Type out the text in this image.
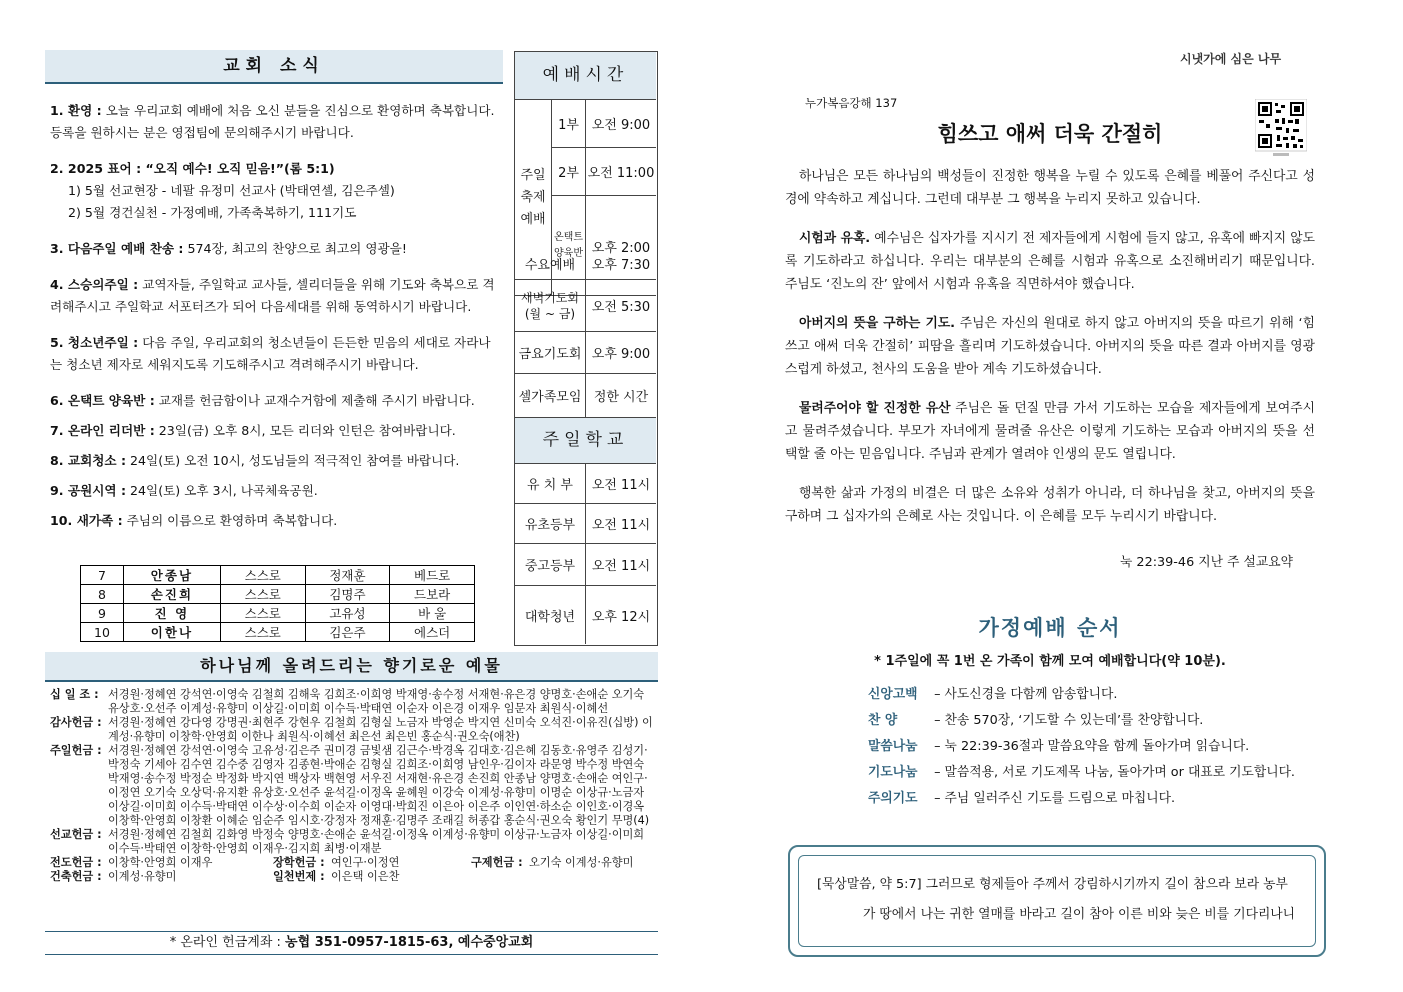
교회 소식
1. 환영 : 오늘 우리교회 예배에 처음 오신 분들을 진심으로 환영하며 축복합니다. 등록을 원하시는 분은 영접팀에 문의해주시기 바랍니다.
2. 2025 표어 : “오직 예수! 오직 믿음!”(롬 5:1)
1) 5월 선교현장 - 네팔 유정미 선교사 (박태연셀, 김은주셀)
2) 5월 경건실천 - 가정예배, 가족축복하기, 111기도
3. 다음주일 예배 찬송 : 574장, 최고의 찬양으로 최고의 영광을!
4. 스승의주일 : 교역자들, 주일학교 교사들, 셀리더들을 위해 기도와 축복으로 격려해주시고 주일학교 서포터즈가 되어 다음세대를 위해 동역하시기 바랍니다.
5. 청소년주일 : 다음 주일, 우리교회의 청소년들이 든든한 믿음의 세대로 자라나는 청소년 제자로 세워지도록 기도해주시고 격려해주시기 바랍니다.
6. 온택트 양육반 : 교재를 헌금함이나 교재수거함에 제출해 주시기 바랍니다.
7. 온라인 리더반 : 23일(금) 오후 8시, 모든 리더와 인턴은 참여바랍니다.
8. 교회청소 : 24일(토) 오전 10시, 성도님들의 적극적인 참여를 바랍니다.
9. 공원시역 : 24일(토) 오후 3시, 나곡체육공원.
10. 새가족 : 주님의 이름으로 환영하며 축복합니다.
7	안종남	스스로	정재훈	베드로
8	손진희	스스로	김명주	드보라
9	진 영	스스로	고유성	바 울
10	이한나	스스로	김은주	에스더
예배시간
주일 축제 예배
1부 오전 9:00
2부 오전 11:00
온택트 양육반 오후 2:00
수요예배	오후 7:30
새벽기도회 (월 ~ 금)	오전 5:30
금요기도회 오후 9:00
셀가족모임 정한 시간
주일학교
유 치 부	오전 11시
유초등부	오전 11시
중고등부	오전 11시
대학청년	오후 12시
하나님께 올려드리는 향기로운 예물
십 일 조 : 서경원·정혜연 강석연·이영숙 김철희 김해욱 김희조·이희영 박재영·송수정 서재현·유은경 양명호·손애순 오기숙 유상호·오선주 이계성·유향미 이상길·이미희 이수득·박태연 이순자 이은경 이재우 임문자 최원식·이혜선
감사헌금 : 서경원·정혜연 강다영 강명권·최현주 강현우 김철희 김형실 노금자 박영순 박지연 신미숙 오석진·이유진(십방) 이계성·유향미 이창학·안영희 이한나 최원식·이혜선 최은선 최은빈 홍순식·권오숙(애찬)
주일헌금 : 서경원·정혜연 강석연·이영숙 고유성·김은주 권미경 금빛샘 김근수·박경옥 김대호·김은혜 김동호·유영주 김성기·박정숙 기세아 김수연 김수중 김영자 김종현·박애순 김형실 김희조·이희영 남인우·김이자 라문영 박수정 박연숙 박재영·송수정 박정순 박정화 박지연 백상자 백현영 서우진 서재현·유은경 손진희 안종남 양명호·손애순 여인구·이정연 오기숙 오상덕·유지환 유상호·오선주 윤석길·이정옥 윤혜원 이강숙 이계성·유향미 이명순 이상규·노금자 이상길·이미희 이수득·박태연 이수상·이수희 이순자 이영대·박희진 이은아 이은주 이인연·하소순 이인호·이경옥 이창학·안영희 이창환 이혜순 임순주 임시호·강정자 정재훈·김명주 조래길 허종갑 홍순식·권오숙 황인기 무명(4)
선교헌금 : 서경원·정혜연 김철희 김화영 박정숙 양명호·손애순 윤석길·이정옥 이계성·유향미 이상규·노금자 이상길·이미희 이수득·박태연 이창학·안영희 이재우·김지희 최병·이재분
전도헌금 : 이창학·안영희 이재우	장학헌금 : 여인구·이정연	구제헌금 : 오기숙 이계성·유향미
건축헌금 : 이계성·유향미	일천번제 : 이은택 이은찬
* 온라인 헌금계좌 : 농협 351-0957-1815-63, 예수중앙교회
시냇가에 심은 나무
누가복음강해 137
힘쓰고 애써 더욱 간절히

하나님은 모든 하나님의 백성들이 진정한 행복을 누릴 수 있도록 은혜를 베풀어 주신다고 성경에 약속하고 계십니다. 그런데 대부분 그 행복을 누리지 못하고 있습니다.

시험과 유혹. 예수님은 십자가를 지시기 전 제자들에게 시험에 들지 않고, 유혹에 빠지지 않도록 기도하라고 하십니다. 우리는 대부분의 은혜를 시험과 유혹으로 소진해버리기 때문입니다. 주님도 ‘진노의 잔’ 앞에서 시험과 유혹을 직면하셔야 했습니다.

아버지의 뜻을 구하는 기도. 주님은 자신의 원대로 하지 않고 아버지의 뜻을 따르기 위해 ‘힘쓰고 애써 더욱 간절히’ 피땀을 흘리며 기도하셨습니다. 아버지의 뜻을 따른 결과 아버지를 영광스럽게 하셨고, 천사의 도움을 받아 계속 기도하셨습니다.

물려주어야 할 진정한 유산 주님은 돌 던질 만큼 가서 기도하는 모습을 제자들에게 보여주시고 물려주셨습니다. 부모가 자녀에게 물려줄 유산은 이렇게 기도하는 모습과 아버지의 뜻을 선택할 줄 아는 믿음입니다. 주님과 관계가 열려야 인생의 문도 열립니다.

행복한 삶과 가정의 비결은 더 많은 소유와 성취가 아니라, 더 하나님을 찾고, 아버지의 뜻을 구하며 그 십자가의 은혜로 사는 것입니다. 이 은혜를 모두 누리시기 바랍니다.

눅 22:39-46 지난 주 설교요약
가정예배 순서
* 1주일에 꼭 1번 온 가족이 함께 모여 예배합니다(약 10분).
신앙고백 – 사도신경을 다함께 암송합니다.
찬 양	– 찬송 570장, ‘기도할 수 있는데’를 찬양합니다.
말씀나눔 – 눅 22:39-36절과 말씀요약을 함께 돌아가며 읽습니다.
기도나눔 – 말씀적용, 서로 기도제목 나눔, 돌아가며 or 대표로 기도합니다.
주의기도 – 주님 일러주신 기도를 드림으로 마칩니다.
[묵상말씀, 약 5:7] 그러므로 형제들아 주께서 강림하시기까지 길이 참으라 보라 농부
가 땅에서 나는 귀한 열매를 바라고 길이 참아 이른 비와 늦은 비를 기다리나니
